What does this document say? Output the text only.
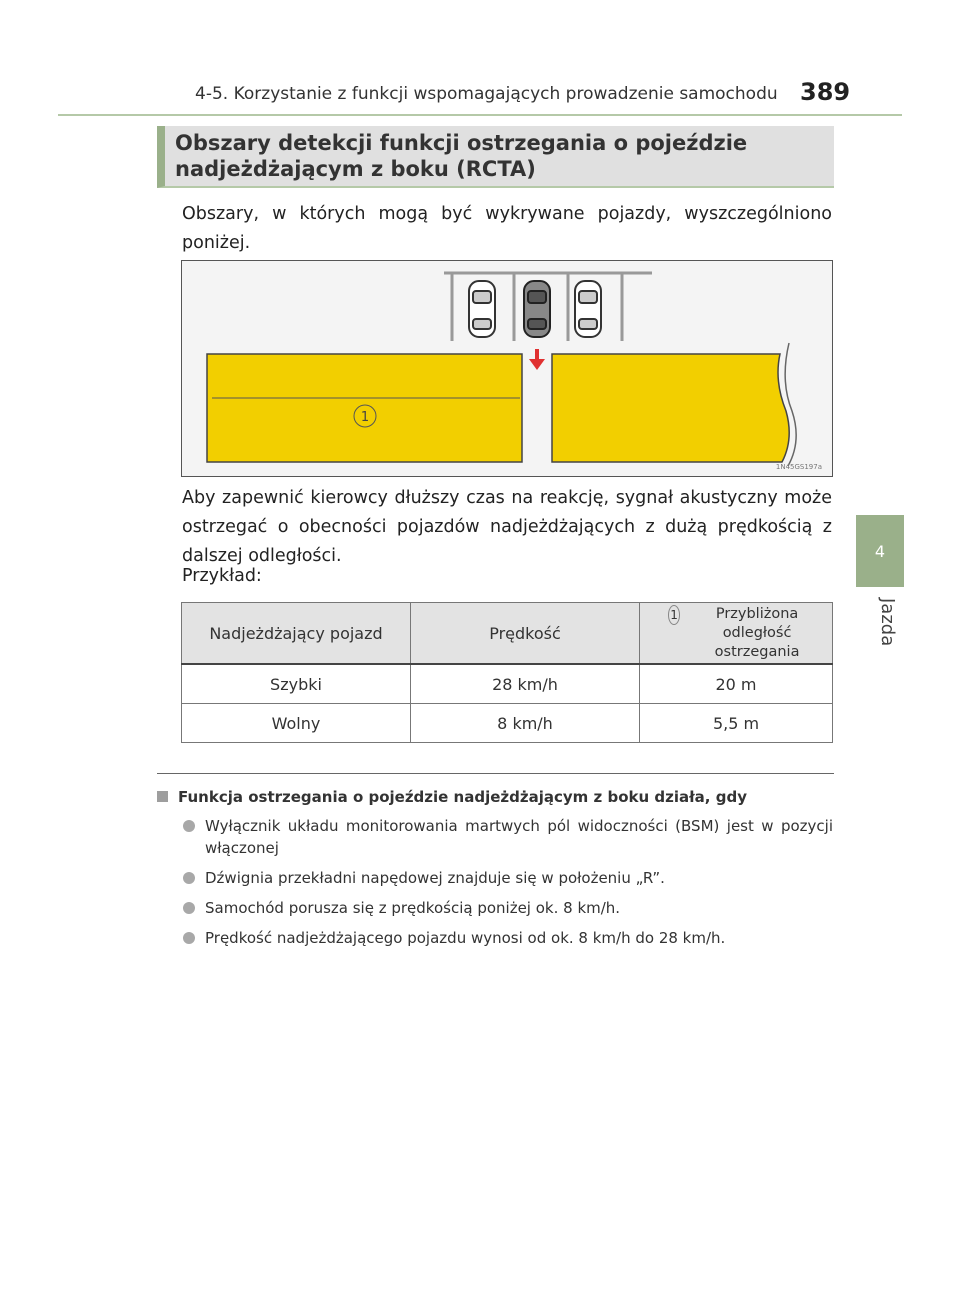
4-5. Korzystanie z funkcji wspomagających prowadzenie samochodu 389
4
Jazda
Obszary detekcji funkcji ostrzegania o pojeździe nadjeżdżającym z boku (RCTA)
Obszary, w których mogą być wykrywane pojazdy, wyszczególniono poniżej.
1
1N45GS197a
Aby zapewnić kierowcy dłuższy czas na reakcję, sygnał akustyczny może ostrzegać o obecności pojazdów nadjeżdżających z dużą prędkością z dalszej odległości.
Przykład:
Nadjeżdżający pojazd	Prędkość	1 Przybliżona odległość ostrzegania

Szybki	28 km/h	20 m
Wolny	8 km/h	5,5 m
Funkcja ostrzegania o pojeździe nadjeżdżającym z boku działa, gdy
Wyłącznik układu monitorowania martwych pól widoczności (BSM) jest w pozycji włączonej
Dźwignia przekładni napędowej znajduje się w położeniu „R”.
Samochód porusza się z prędkością poniżej ok. 8 km/h.
Prędkość nadjeżdżającego pojazdu wynosi od ok. 8 km/h do 28 km/h.
